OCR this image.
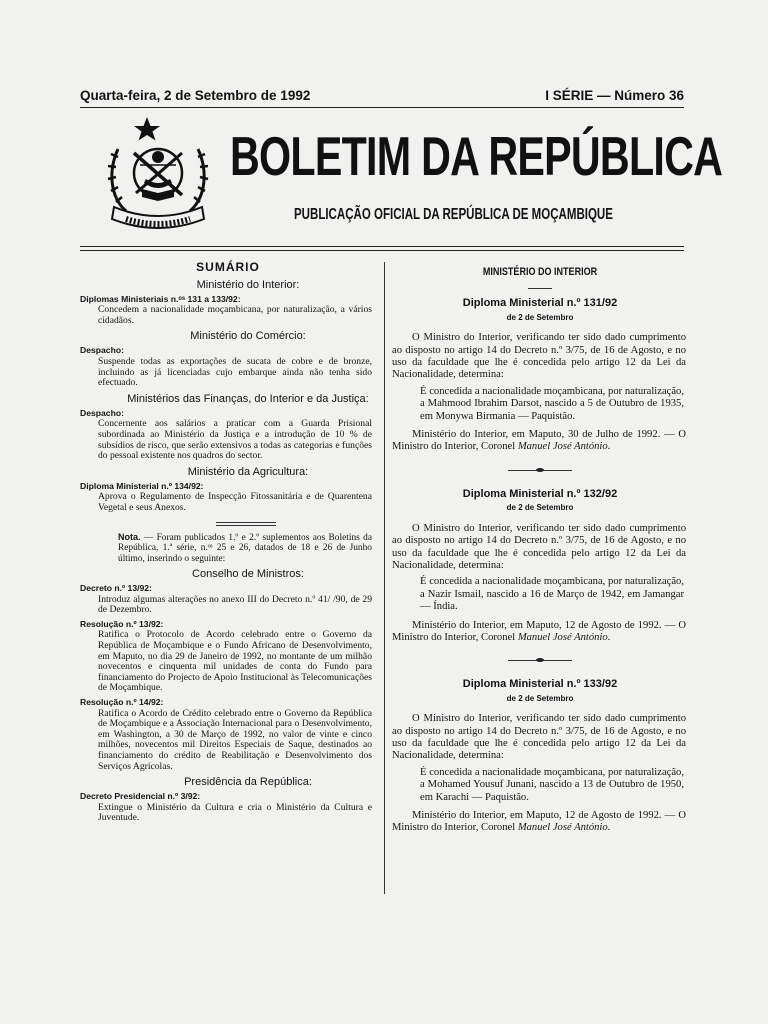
Quarta-feira, 2 de Setembro de 1992	I SÉRIE — Número 36
BOLETIM DA REPÚBLICA
PUBLICAÇÃO OFICIAL DA REPÚBLICA DE MOÇAMBIQUE
SUMÁRIO
Ministério do Interior:
Diplomas Ministeriais n.ᵒˢ 131 a 133/92:
Concedem a nacionalidade moçambicana, por naturalização, a vários cidadãos.
Ministério do Comércio:
Despacho:
Suspende todas as exportações de sucata de cobre e de bronze, incluindo as já licenciadas cujo embarque ainda não tenha sido efectuado.
Ministérios das Finanças, do Interior e da Justiça:
Despacho:
Concernente aos salários a praticar com a Guarda Prisional subordinada ao Ministério da Justiça e a introdução de 10 % de subsídios de risco, que serão extensivos a todas as categorias e funções do pessoal existente nos quadros do sector.
Ministério da Agricultura:
Diploma Ministerial n.º 134/92:
Aprova o Regulamento de Inspecção Fitossanitária e de Quarentena Vegetal e seus Anexos.
Nota. — Foram publicados 1.º e 2.º suplementos aos Boletins da República, 1.ª série, n.ᵒˢ 25 e 26, datados de 18 e 26 de Junho último, inserindo o seguinte:
Conselho de Ministros:
Decreto n.º 13/92:
Introduz algumas alterações no anexo III do Decreto n.º 41/ /90, de 29 de Dezembro.
Resolução n.º 13/92:
Ratifica o Protocolo de Acordo celebrado entre o Governo da República de Moçambique e o Fundo Africano de Desenvolvimento, em Maputo, no dia 29 de Janeiro de 1992, no montante de um milhão novecentos e cinquenta mil unidades de conta do Fundo para financiamento do Projecto de Apoio Institucional às Telecomunicações de Moçambique.
Resolução n.º 14/92:
Ratifica o Acordo de Crédito celebrado entre o Governo da República de Moçambique e a Associação Internacional para o Desenvolvimento, em Washington, a 30 de Março de 1992, no valor de vinte e cinco milhões, novecentos mil Direitos Especiais de Saque, destinados ao financiamento do crédito de Reabilitação e Desenvolvimento dos Serviços Agrícolas.
Presidência da República:
Decreto Presidencial n.º 3/92:
Extingue o Ministério da Cultura e cria o Ministério da Cultura e Juventude.
MINISTÉRIO DO INTERIOR
Diploma Ministerial n.º 131/92
de 2 de Setembro
O Ministro do Interior, verificando ter sido dado cumprimento ao disposto no artigo 14 do Decreto n.º 3/75, de 16 de Agosto, e no uso da faculdade que lhe é concedida pelo artigo 12 da Lei da Nacionalidade, determina:
É concedida a nacionalidade moçambicana, por naturalização, a Mahmood Ibrahim Darsot, nascido a 5 de Outubro de 1935, em Monywa Birmania — Paquistão.
Ministério do Interior, em Maputo, 30 de Julho de 1992. — O Ministro do Interior, Coronel Manuel José António.
Diploma Ministerial n.º 132/92
de 2 de Setembro
O Ministro do Interior, verificando ter sido dado cumprimento ao disposto no artigo 14 do Decreto n.º 3/75, de 16 de Agosto, e no uso da faculdade que lhe é concedida pelo artigo 12 da Lei da Nacionalidade, determina:
É concedida a nacionalidade moçambicana, por naturalização, a Nazir Ismail, nascido a 16 de Março de 1942, em Jamangar — Índia.
Ministério do Interior, em Maputo, 12 de Agosto de 1992. — O Ministro do Interior, Coronel Manuel José António.
Diploma Ministerial n.º 133/92
de 2 de Setembro
O Ministro do Interior, verificando ter sido dado cumprimento ao disposto no artigo 14 do Decreto n.º 3/75, de 16 de Agosto, e no uso da faculdade que lhe é concedida pelo artigo 12 da Lei da Nacionalidade, determina:
É concedida a nacionalidade moçambicana, por naturalização, a Mohamed Yousuf Junani, nascido a 13 de Outubro de 1950, em Karachi — Paquistão.
Ministério do Interior, em Maputo, 12 de Agosto de 1992. — O Ministro do Interior, Coronel Manuel José António.
